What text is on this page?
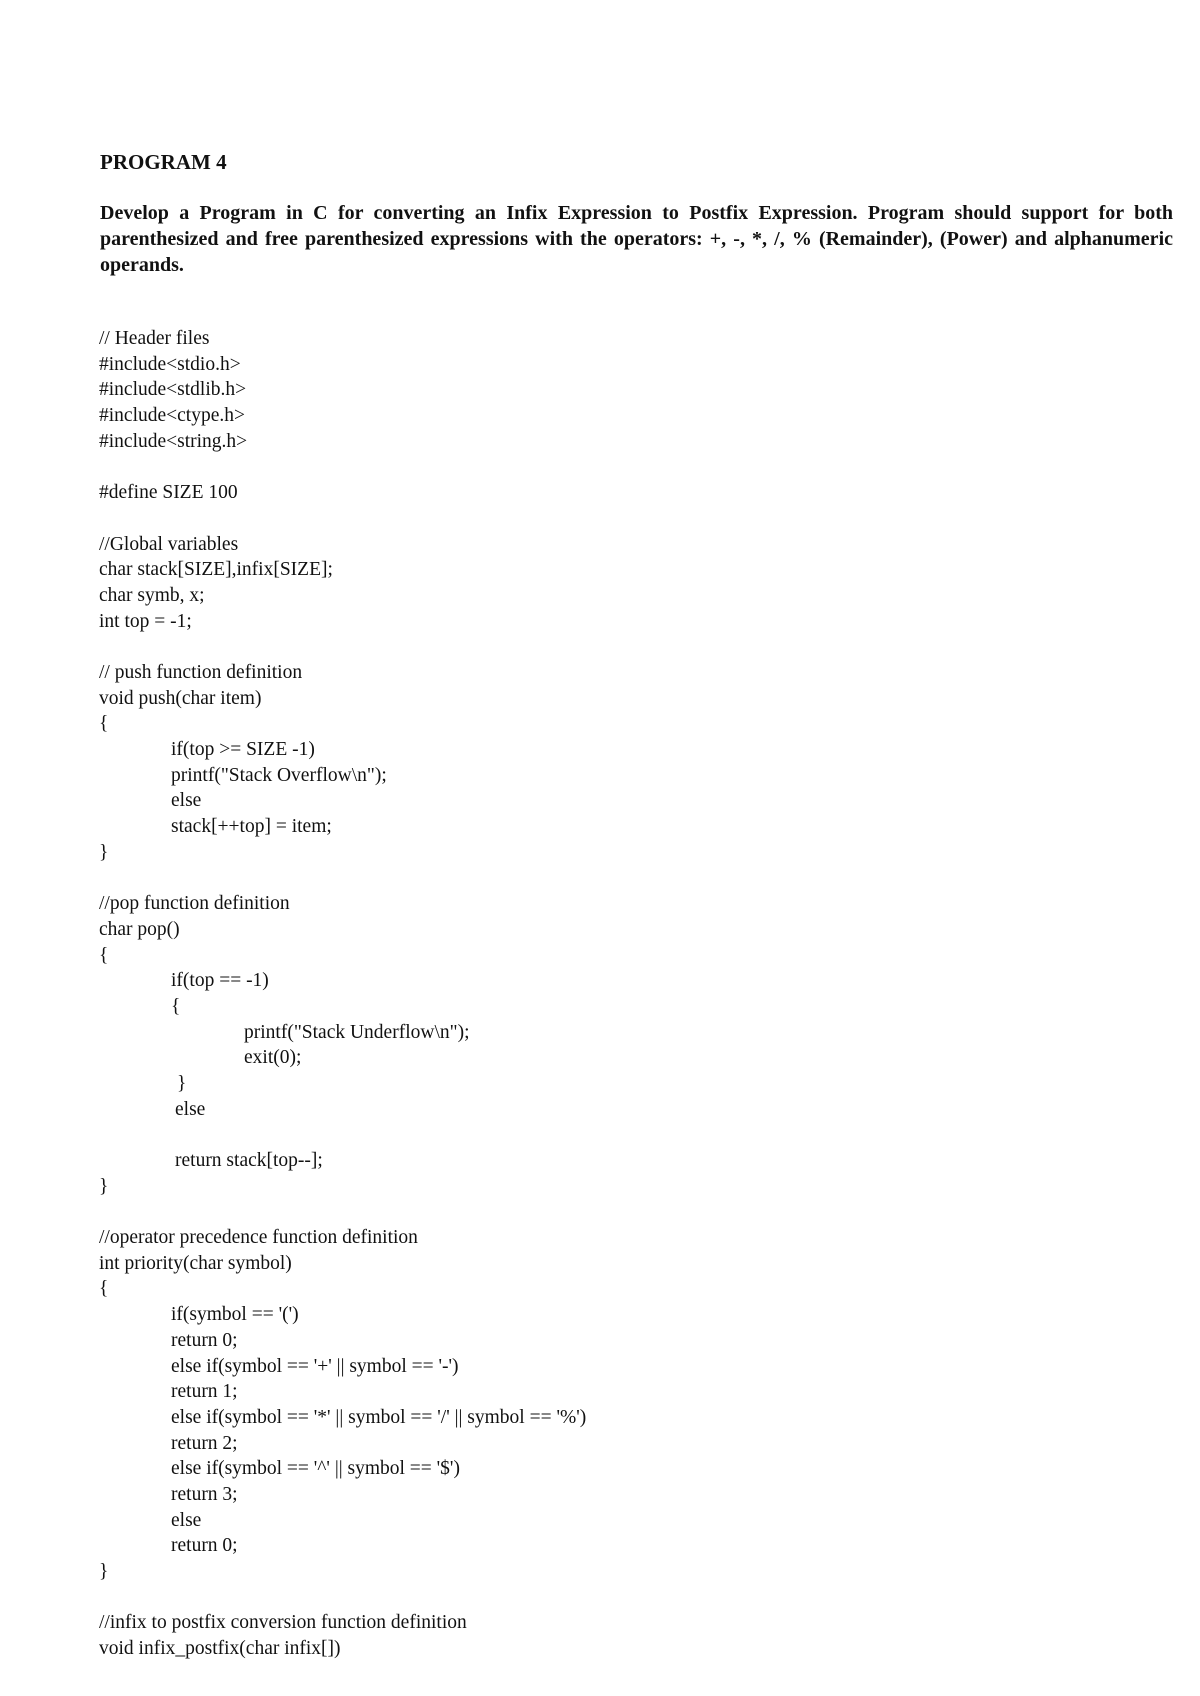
PROGRAM 4

Develop a Program in C for converting an Infix Expression to Postfix Expression. Program should support for both parenthesized and free parenthesized expressions with the operators: +, -, *, /, % (Remainder), (Power) and alphanumeric operands.

// Header files
#include<stdio.h>
#include<stdlib.h>
#include<ctype.h>
#include<string.h>
#define SIZE 100
//Global variables
char stack[SIZE],infix[SIZE];
char symb, x;
int top = -1;
// push function definition
void push(char item)
{
if(top >= SIZE -1)
printf("Stack Overflow\n");
else
stack[++top] = item;
}
//pop function definition
char pop()
{
if(top == -1)
{
printf("Stack Underflow\n");
exit(0);
}
else
return stack[top--];
}
//operator precedence function definition
int priority(char symbol)
{
if(symbol == '(')
return 0;
else if(symbol == '+' || symbol == '-')
return 1;
else if(symbol == '*' || symbol == '/' || symbol == '%')
return 2;
else if(symbol == '^' || symbol == '$')
return 3;
else
return 0;
}
//infix to postfix conversion function definition
void infix_postfix(char infix[])
